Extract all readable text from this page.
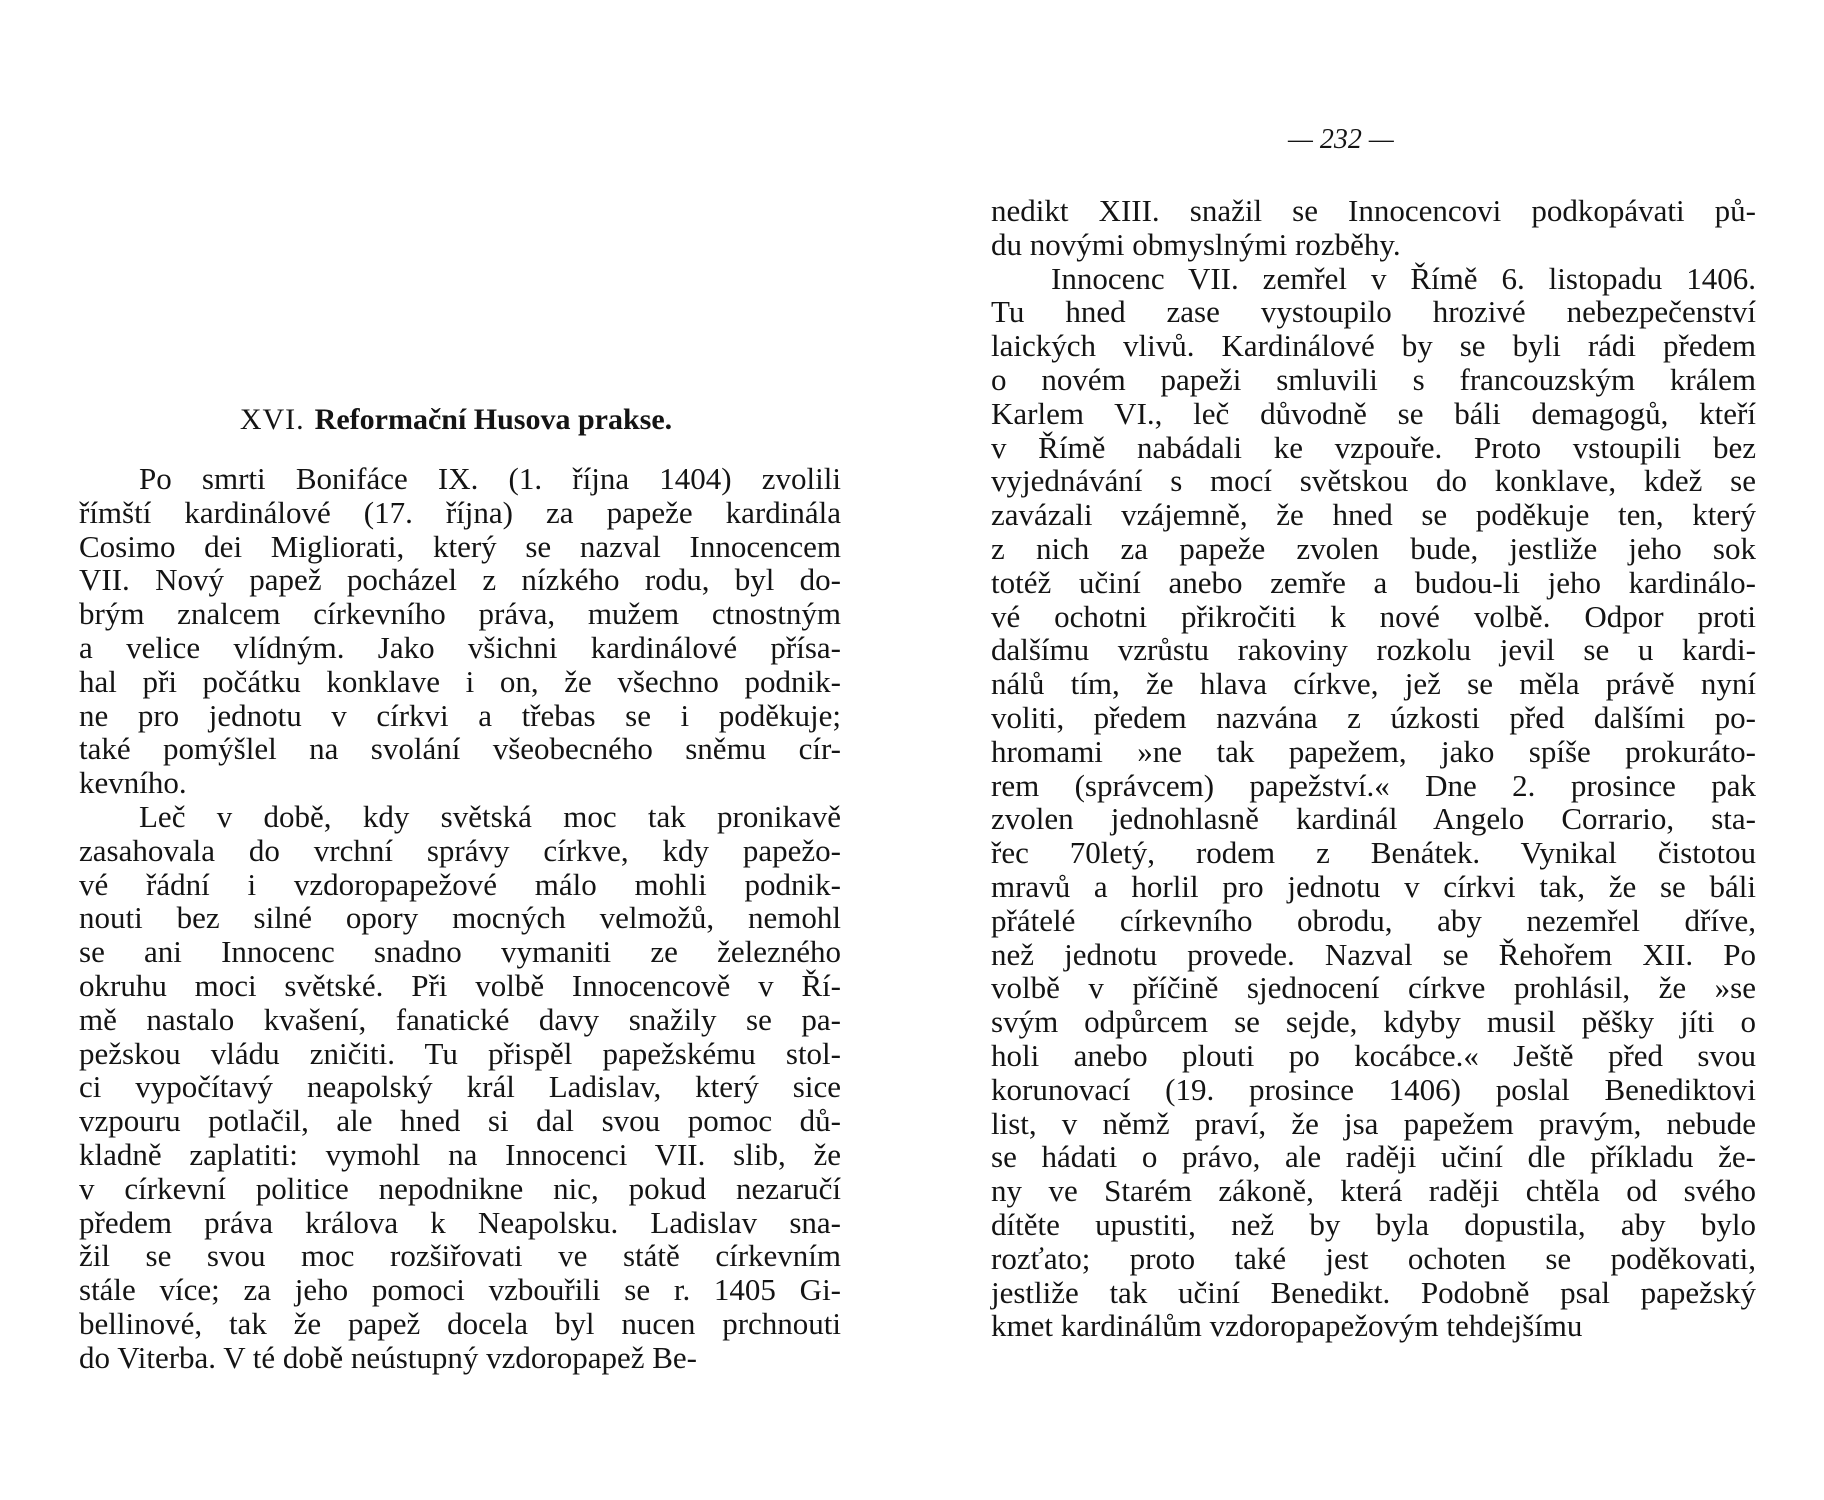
XVI. Reformační Husova prakse.
Po smrti Bonifáce IX. (1. října 1404) zvolili
římští kardinálové (17. října) za papeže kardinála
Cosimo dei Migliorati, který se nazval Innocencem
VII. Nový papež pocházel z nízkého rodu, byl do-
brým znalcem církevního práva, mužem ctnostným
a velice vlídným. Jako všichni kardinálové přísa-
hal při počátku konklave i on, že všechno podnik-
ne pro jednotu v církvi a třebas se i poděkuje;
také pomýšlel na svolání všeobecného sněmu cír-
kevního.
Leč v době, kdy světská moc tak pronikavě
zasahovala do vrchní správy církve, kdy papežo-
vé řádní i vzdoropapežové málo mohli podnik-
nouti bez silné opory mocných velmožů, nemohl
se ani Innocenc snadno vymaniti ze železného
okruhu moci světské. Při volbě Innocencově v Ří-
mě nastalo kvašení, fanatické davy snažily se pa-
pežskou vládu zničiti. Tu přispěl papežskému stol-
ci vypočítavý neapolský král Ladislav, který sice
vzpouru potlačil, ale hned si dal svou pomoc dů-
kladně zaplatiti: vymohl na Innocenci VII. slib, že
v církevní politice nepodnikne nic, pokud nezaručí
předem práva králova k Neapolsku. Ladislav sna-
žil se svou moc rozšiřovati ve státě církevním
stále více; za jeho pomoci vzbouřili se r. 1405 Gi-
bellinové, tak že papež docela byl nucen prchnouti
do Viterba. V té době neústupný vzdoropapež Be-
— 232 —
nedikt XIII. snažil se Innocencovi podkopávati pů-
du novými obmyslnými rozběhy.
Innocenc VII. zemřel v Římě 6. listopadu 1406.
Tu hned zase vystoupilo hrozivé nebezpečenství
laických vlivů. Kardinálové by se byli rádi předem
o novém papeži smluvili s francouzským králem
Karlem VI., leč důvodně se báli demagogů, kteří
v Římě nabádali ke vzpouře. Proto vstoupili bez
vyjednávání s mocí světskou do konklave, kdež se
zavázali vzájemně, že hned se poděkuje ten, který
z nich za papeže zvolen bude, jestliže jeho sok
totéž učiní anebo zemře a budou-li jeho kardinálo-
vé ochotni přikročiti k nové volbě. Odpor proti
dalšímu vzrůstu rakoviny rozkolu jevil se u kardi-
nálů tím, že hlava církve, jež se měla právě nyní
voliti, předem nazvána z úzkosti před dalšími po-
hromami »ne tak papežem, jako spíše prokuráto-
rem (správcem) papežství.« Dne 2. prosince pak
zvolen jednohlasně kardinál Angelo Corrario, sta-
řec 70letý, rodem z Benátek. Vynikal čistotou
mravů a horlil pro jednotu v církvi tak, že se báli
přátelé církevního obrodu, aby nezemřel dříve,
než jednotu provede. Nazval se Řehořem XII. Po
volbě v příčině sjednocení církve prohlásil, že »se
svým odpůrcem se sejde, kdyby musil pěšky jíti o
holi anebo plouti po kocábce.« Ještě před svou
korunovací (19. prosince 1406) poslal Benediktovi
list, v němž praví, že jsa papežem pravým, nebude
se hádati o právo, ale raději učiní dle příkladu že-
ny ve Starém zákoně, která raději chtěla od svého
dítěte upustiti, než by byla dopustila, aby bylo
rozťato; proto také jest ochoten se poděkovati,
jestliže tak učiní Benedikt. Podobně psal papežský
kmet kardinálům vzdoropapežovým tehdejšímu
